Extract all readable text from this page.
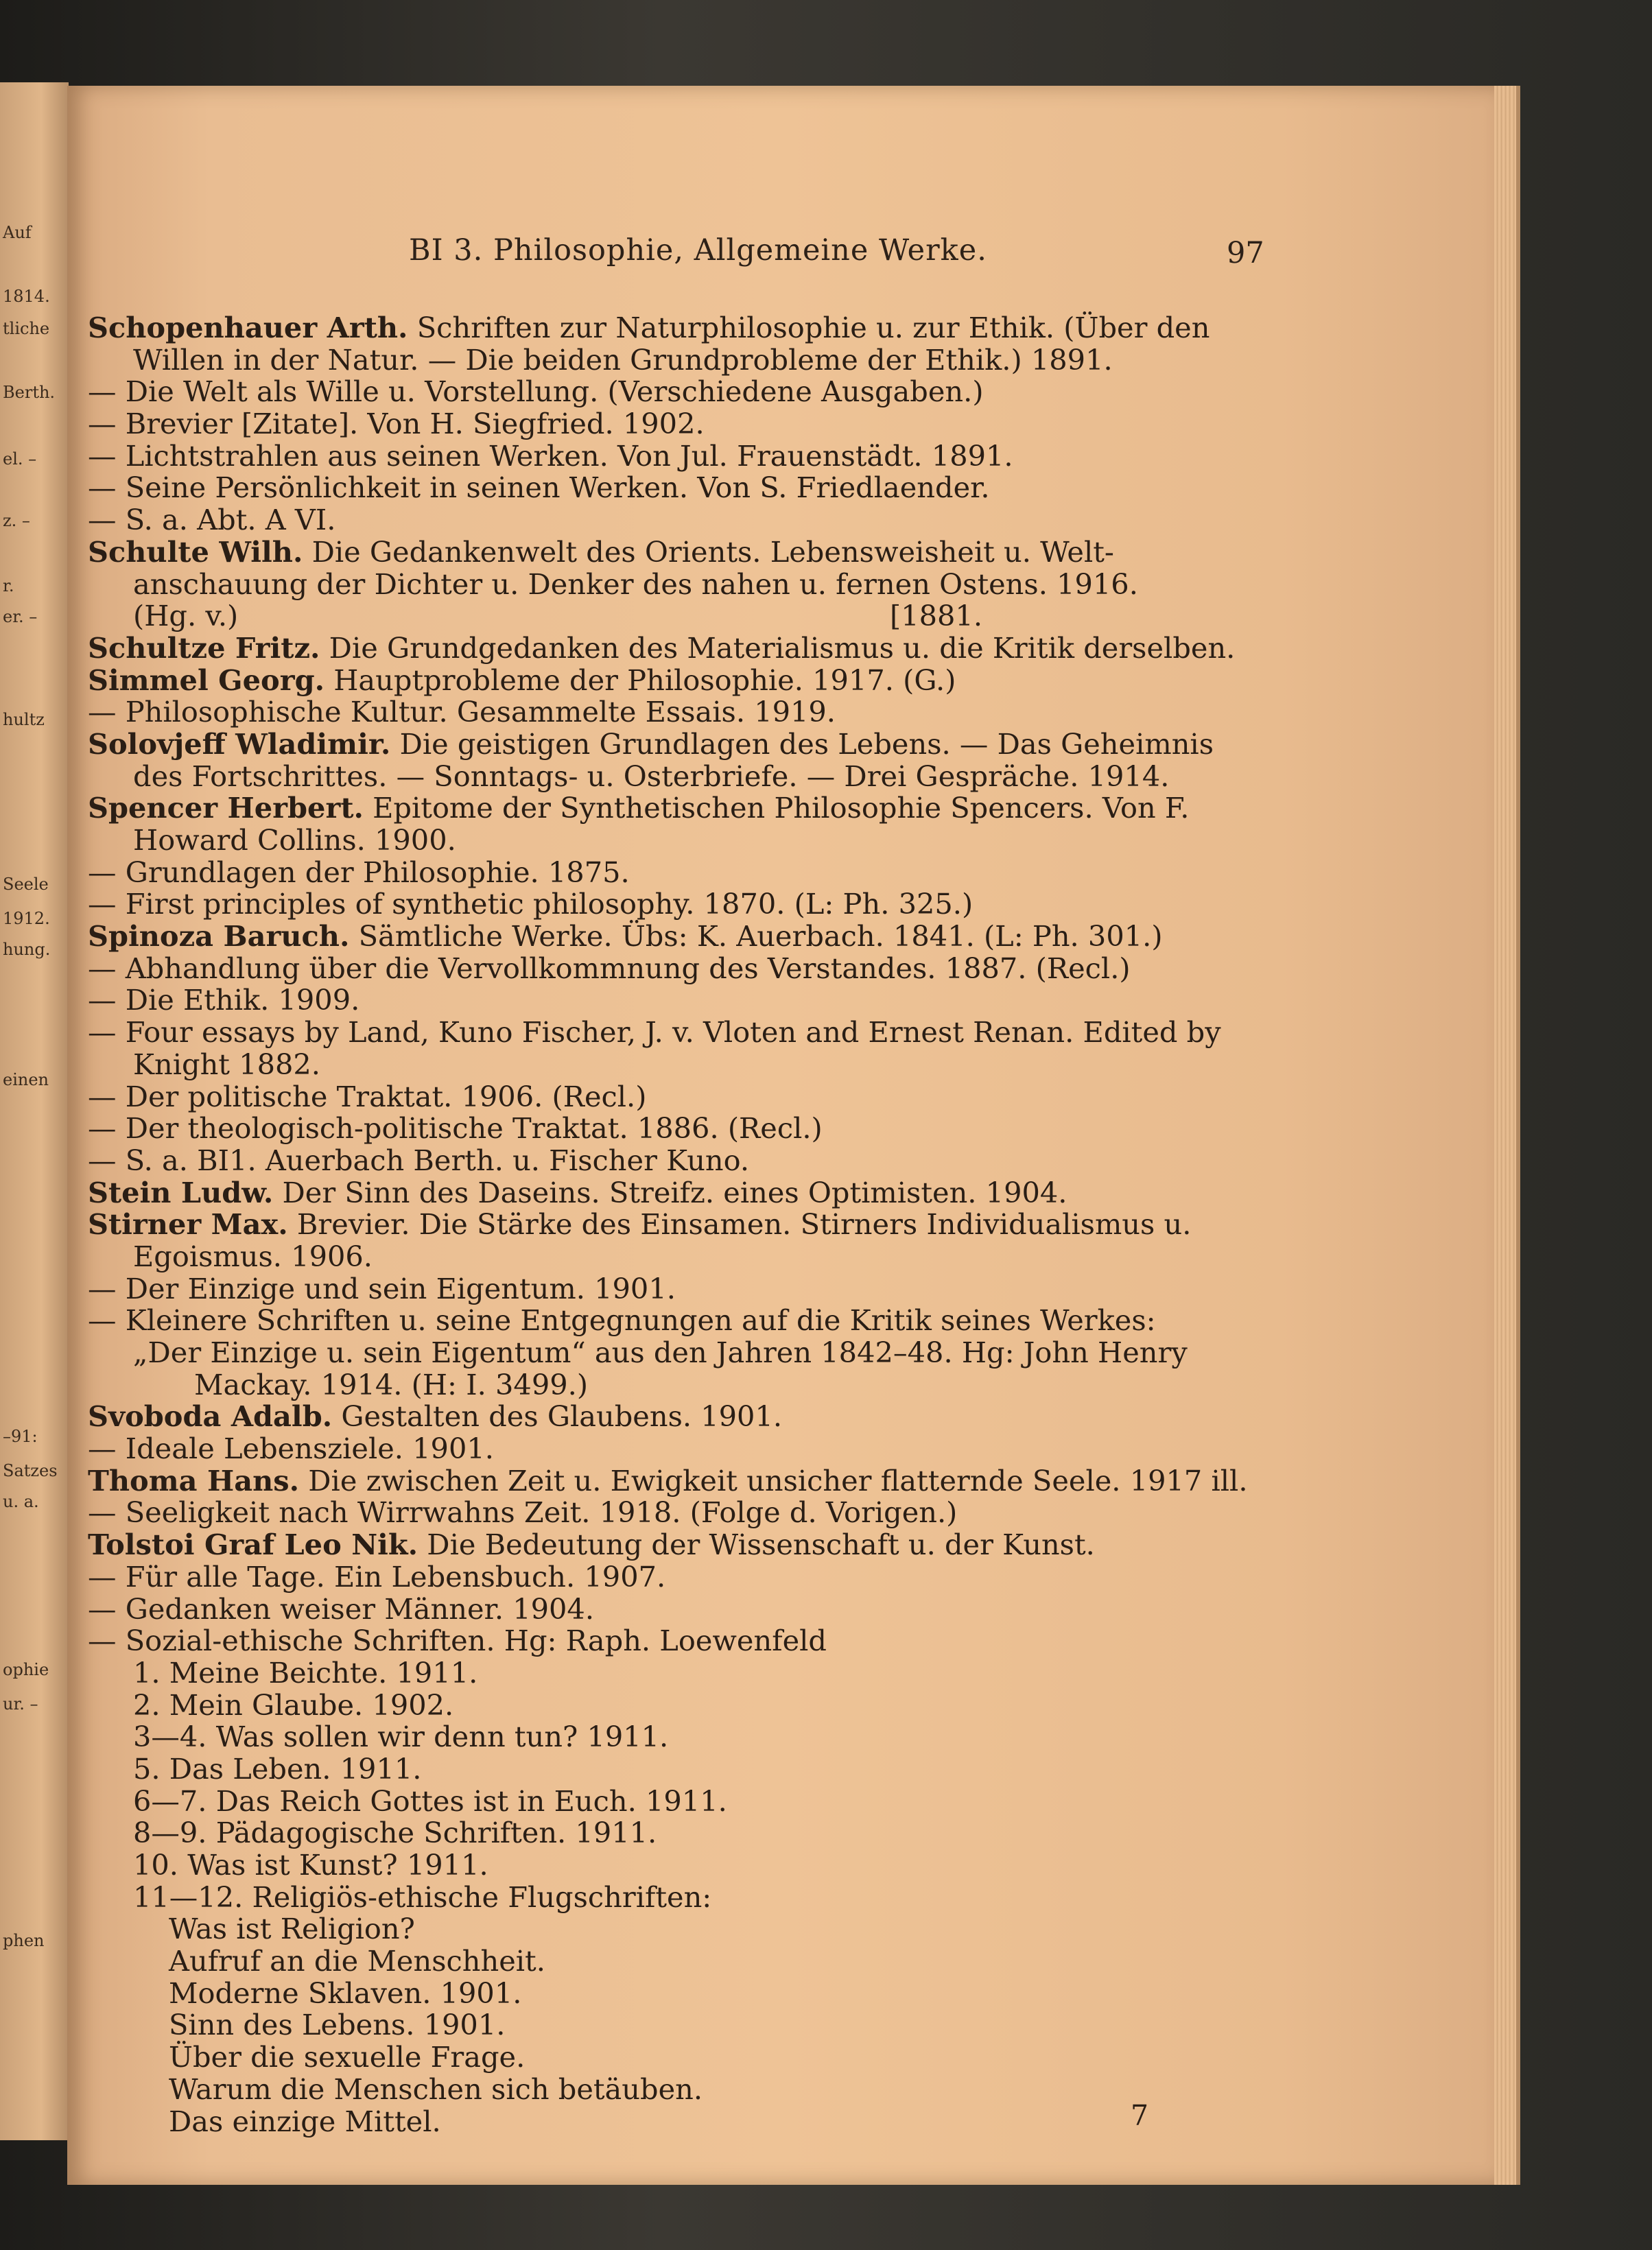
Auf
1814.
tliche
Berth.
el. –
z. –
r.
er. –
hultz
Seele
1912.
hung.
einen
–91:
Satzes
u. a.
ophie
ur. –
phen
BI 3. Philosophie, Allgemeine Werke.	97
Schopenhauer Arth. Schriften zur Naturphilosophie u. zur Ethik. (Über den
Willen in der Natur. — Die beiden Grundprobleme der Ethik.) 1891.
— Die Welt als Wille u. Vorstellung. (Verschiedene Ausgaben.)
— Brevier [Zitate]. Von H. Siegfried. 1902.
— Lichtstrahlen aus seinen Werken. Von Jul. Frauenstädt. 1891.
— Seine Persönlichkeit in seinen Werken. Von S. Friedlaender.
— S. a. Abt. A VI.
Schulte Wilh. Die Gedankenwelt des Orients. Lebensweisheit u. Welt-
anschauung der Dichter u. Denker des nahen u. fernen Ostens. 1916.
(Hg. v.)                                                                        [1881.
Schultze Fritz. Die Grundgedanken des Materialismus u. die Kritik derselben.
Simmel Georg. Hauptprobleme der Philosophie. 1917. (G.)
— Philosophische Kultur. Gesammelte Essais. 1919.
Solovjeff Wladimir. Die geistigen Grundlagen des Lebens. — Das Geheimnis
des Fortschrittes. — Sonntags- u. Osterbriefe. — Drei Gespräche. 1914.
Spencer Herbert. Epitome der Synthetischen Philosophie Spencers. Von F.
Howard Collins. 1900.
— Grundlagen der Philosophie. 1875.
— First principles of synthetic philosophy. 1870. (L: Ph. 325.)
Spinoza Baruch. Sämtliche Werke. Übs: K. Auerbach. 1841. (L: Ph. 301.)
— Abhandlung über die Vervollkommnung des Verstandes. 1887. (Recl.)
— Die Ethik. 1909.
— Four essays by Land, Kuno Fischer, J. v. Vloten and Ernest Renan. Edited by
Knight 1882.
— Der politische Traktat. 1906. (Recl.)
— Der theologisch-politische Traktat. 1886. (Recl.)
— S. a. BI1. Auerbach Berth. u. Fischer Kuno.
Stein Ludw. Der Sinn des Daseins. Streifz. eines Optimisten. 1904.
Stirner Max. Brevier. Die Stärke des Einsamen. Stirners Individualismus u.
Egoismus. 1906.
— Der Einzige und sein Eigentum. 1901.
— Kleinere Schriften u. seine Entgegnungen auf die Kritik seines Werkes:
„Der Einzige u. sein Eigentum“ aus den Jahren 1842–48. Hg: John Henry
Mackay. 1914. (H: I. 3499.)
Svoboda Adalb. Gestalten des Glaubens. 1901.
— Ideale Lebensziele. 1901.
Thoma Hans. Die zwischen Zeit u. Ewigkeit unsicher flatternde Seele. 1917 ill.
— Seeligkeit nach Wirrwahns Zeit. 1918. (Folge d. Vorigen.)
Tolstoi Graf Leo Nik. Die Bedeutung der Wissenschaft u. der Kunst.
— Für alle Tage. Ein Lebensbuch. 1907.
— Gedanken weiser Männer. 1904.
— Sozial-ethische Schriften. Hg: Raph. Loewenfeld
1. Meine Beichte. 1911.
2. Mein Glaube. 1902.
3—4. Was sollen wir denn tun? 1911.
5. Das Leben. 1911.
6—7. Das Reich Gottes ist in Euch. 1911.
8—9. Pädagogische Schriften. 1911.
10. Was ist Kunst? 1911.
11—12. Religiös-ethische Flugschriften:
Was ist Religion?
Aufruf an die Menschheit.
Moderne Sklaven. 1901.
Sinn des Lebens. 1901.
Über die sexuelle Frage.
Warum die Menschen sich betäuben.
Das einzige Mittel.	7
